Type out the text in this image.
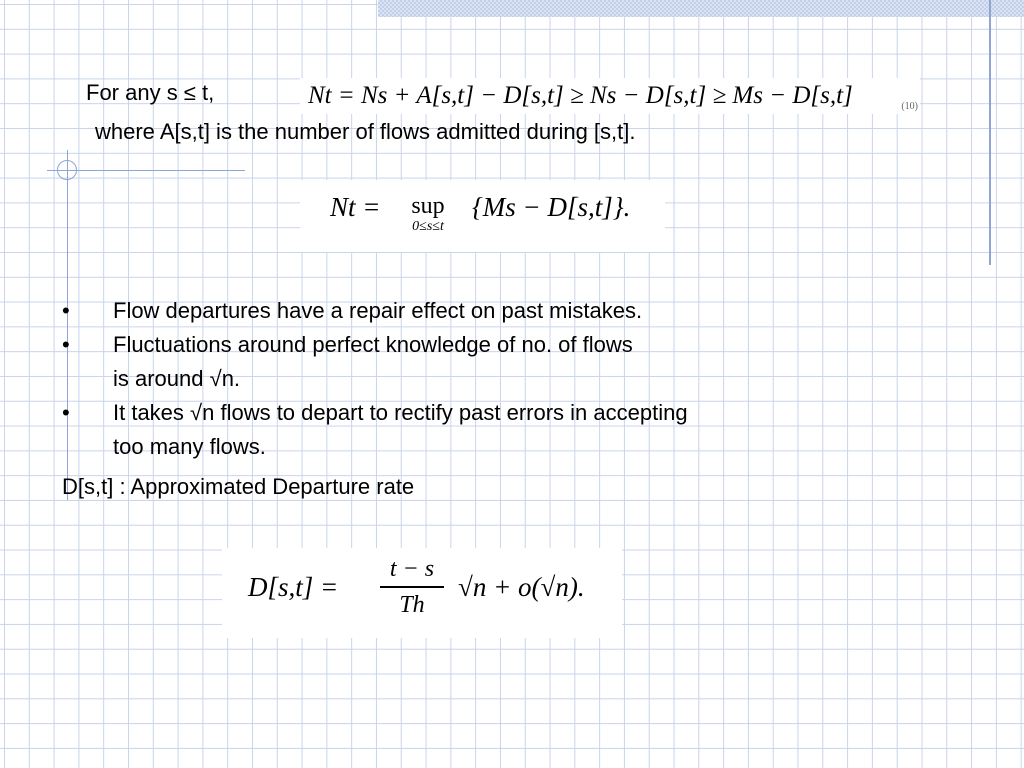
For any s ≤ t,	Nt = Ns + A[s,t] − D[s,t] ≥ Ns − D[s,t] ≥ Ms − D[s,t]	(10)
where A[s,t] is the number of flows admitted during [s,t].
Nt =	sup
0≤s≤t
{Ms − D[s,t]}.
• Flow departures have a repair effect on past mistakes.
• Fluctuations around perfect knowledge of no. of flows
is around √n.
• It takes √n flows to depart to rectify past errors in accepting
too many flows.
D[s,t] : Approximated Departure rate
D[s,t] =
t − s
Th
√n + o(√n).
